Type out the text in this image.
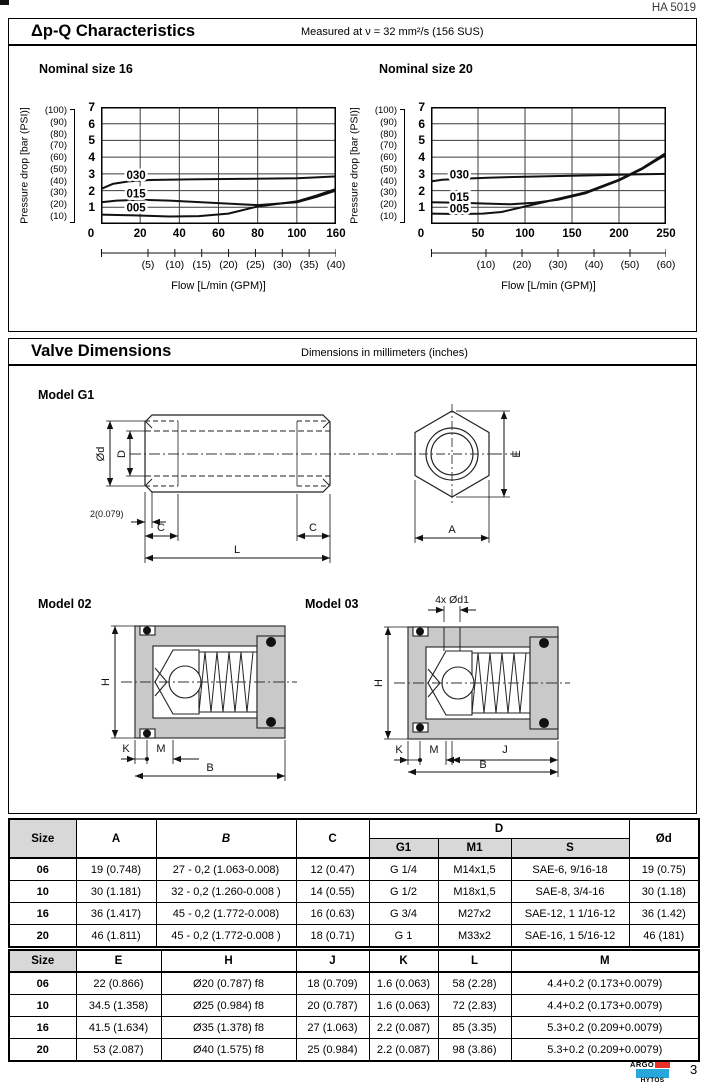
HA 5019
Δp-Q Characteristics	Measured at ν = 32 mm²/s (156 SUS)
Nominal size 16	Nominal size 20
Pressure drop [bar (PSI)]	(100)
(90)
(80)
(70)
(60)
(50)
(40)
(30)
(20)
(10)
7
6
5
4
3
2
1
030
015
005
0	20	40	60	80	100	160
(5)	(10) (15) (20) (25) (30) (35) (40)
Flow [L/min (GPM)]
Pressure drop [bar (PSI)]	(100)
(90)
(80)
(70)
(60)
(50)
(40)
(30)
(20)
(10)
7
6
5
4
3
2
1
030
015
005
0	50	100	150	200	250
(10)	(20)	(30)	(40)	(50)	(60)
Flow [L/min (GPM)]
Valve Dimensions	Dimensions in millimeters (inches)
Model G1
Model 02	Model 03
Ød D
2(0.079)
C	C
L
E
A
H
K M
B
4x Ød1
H
K M	J
B
Size	A	B	C	D			Ød
				G1	M1	S	
06	19 (0.748)	27 - 0,2 (1.063-0.008)	12 (0.47)	G 1/4	M14x1,5	SAE-6, 9/16-18	19 (0.75)
10	30 (1.181)	32 - 0,2 (1.260-0.008 )	14 (0.55)	G 1/2	M18x1,5	SAE-8, 3/4-16	30 (1.18)
16	36 (1.417)	45 - 0,2 (1.772-0.008)	16 (0.63)	G 3/4	M27x2	SAE-12, 1 1/16-12	36 (1.42)
20	46 (1.811)	45 - 0,2 (1.772-0.008 )	18 (0.71)	G 1	M33x2	SAE-16, 1 5/16-12	46 (181)
Size	E	H	J	K	L	M
06	22 (0.866)	Ø20 (0.787) f8	18 (0.709)	1.6 (0.063)	58 (2.28)	4.4+0.2 (0.173+0.0079)
10	34.5 (1.358)	Ø25 (0.984) f8	20 (0.787)	1.6 (0.063)	72 (2.83)	4.4+0.2 (0.173+0.0079)
16	41.5 (1.634)	Ø35 (1.378) f8	27 (1.063)	2.2 (0.087)	85 (3.35)	5.3+0.2 (0.209+0.0079)
20	53 (2.087)	Ø40 (1.575) f8	25 (0.984)	2.2 (0.087)	98 (3.86)	5.3+0.2 (0.209+0.0079)
ARGO
HYTOS
3
